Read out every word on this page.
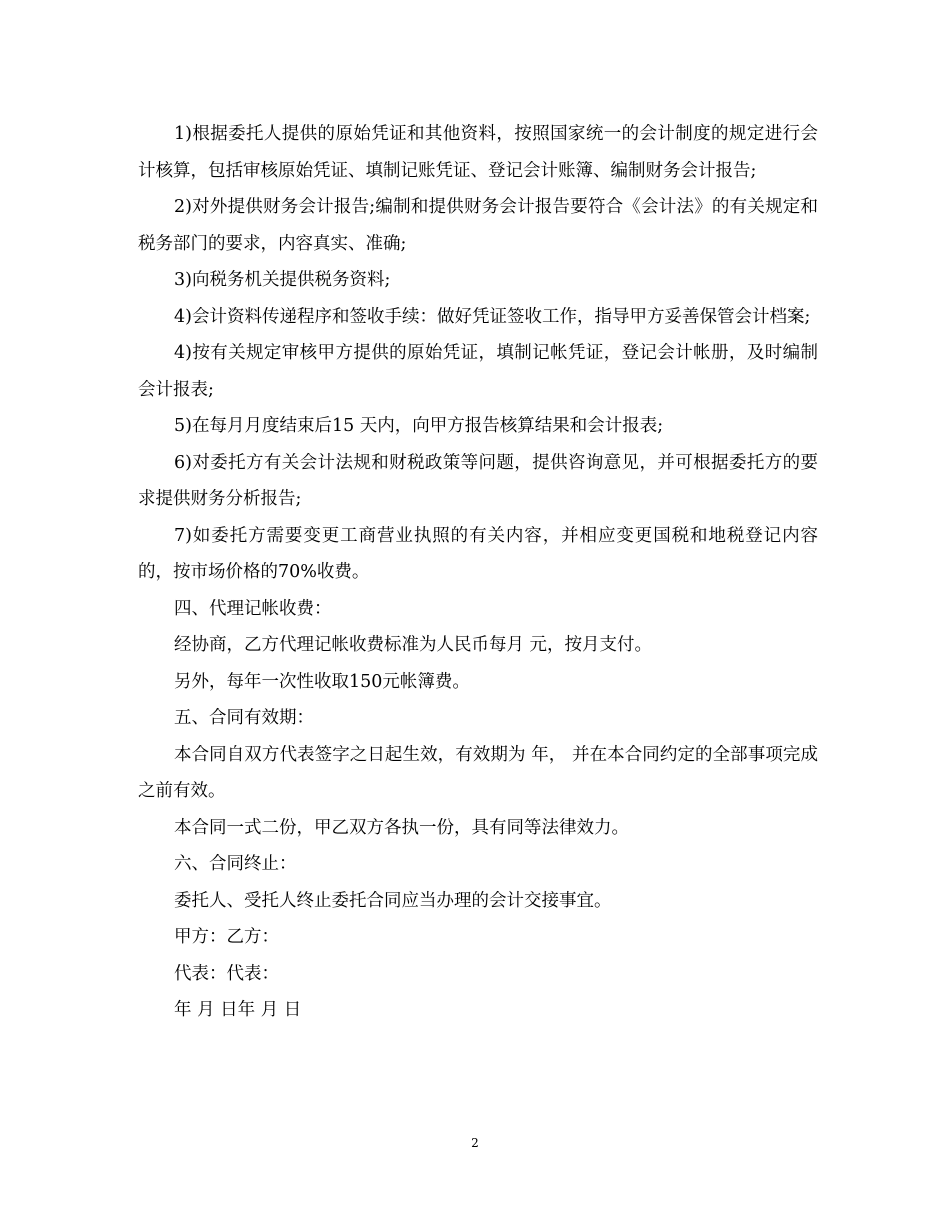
1)根据委托人提供的原始凭证和其他资料，按照国家统一的会计制度的规定进行会计核算，包括审核原始凭证、填制记账凭证、登记会计账簿、编制财务会计报告;

2)对外提供财务会计报告;编制和提供财务会计报告要符合《会计法》的有关规定和税务部门的要求，内容真实、准确;

3)向税务机关提供税务资料;

4)会计资料传递程序和签收手续：做好凭证签收工作，指导甲方妥善保管会计档案;

4)按有关规定审核甲方提供的原始凭证，填制记帐凭证，登记会计帐册，及时编制会计报表;

5)在每月月度结束后15 天内，向甲方报告核算结果和会计报表;

6)对委托方有关会计法规和财税政策等问题，提供咨询意见，并可根据委托方的要求提供财务分析报告;

7)如委托方需要变更工商营业执照的有关内容，并相应变更国税和地税登记内容的，按市场价格的70%收费。

四、代理记帐收费：

经协商，乙方代理记帐收费标准为人民币每月 元，按月支付。

另外，每年一次性收取150元帐簿费。

五、合同有效期：

本合同自双方代表签字之日起生效，有效期为 年， 并在本合同约定的全部事项完成之前有效。

本合同一式二份，甲乙双方各执一份，具有同等法律效力。

六、合同终止：

委托人、受托人终止委托合同应当办理的会计交接事宜。

甲方：乙方：

代表：代表：

年 月 日年 月 日

2
